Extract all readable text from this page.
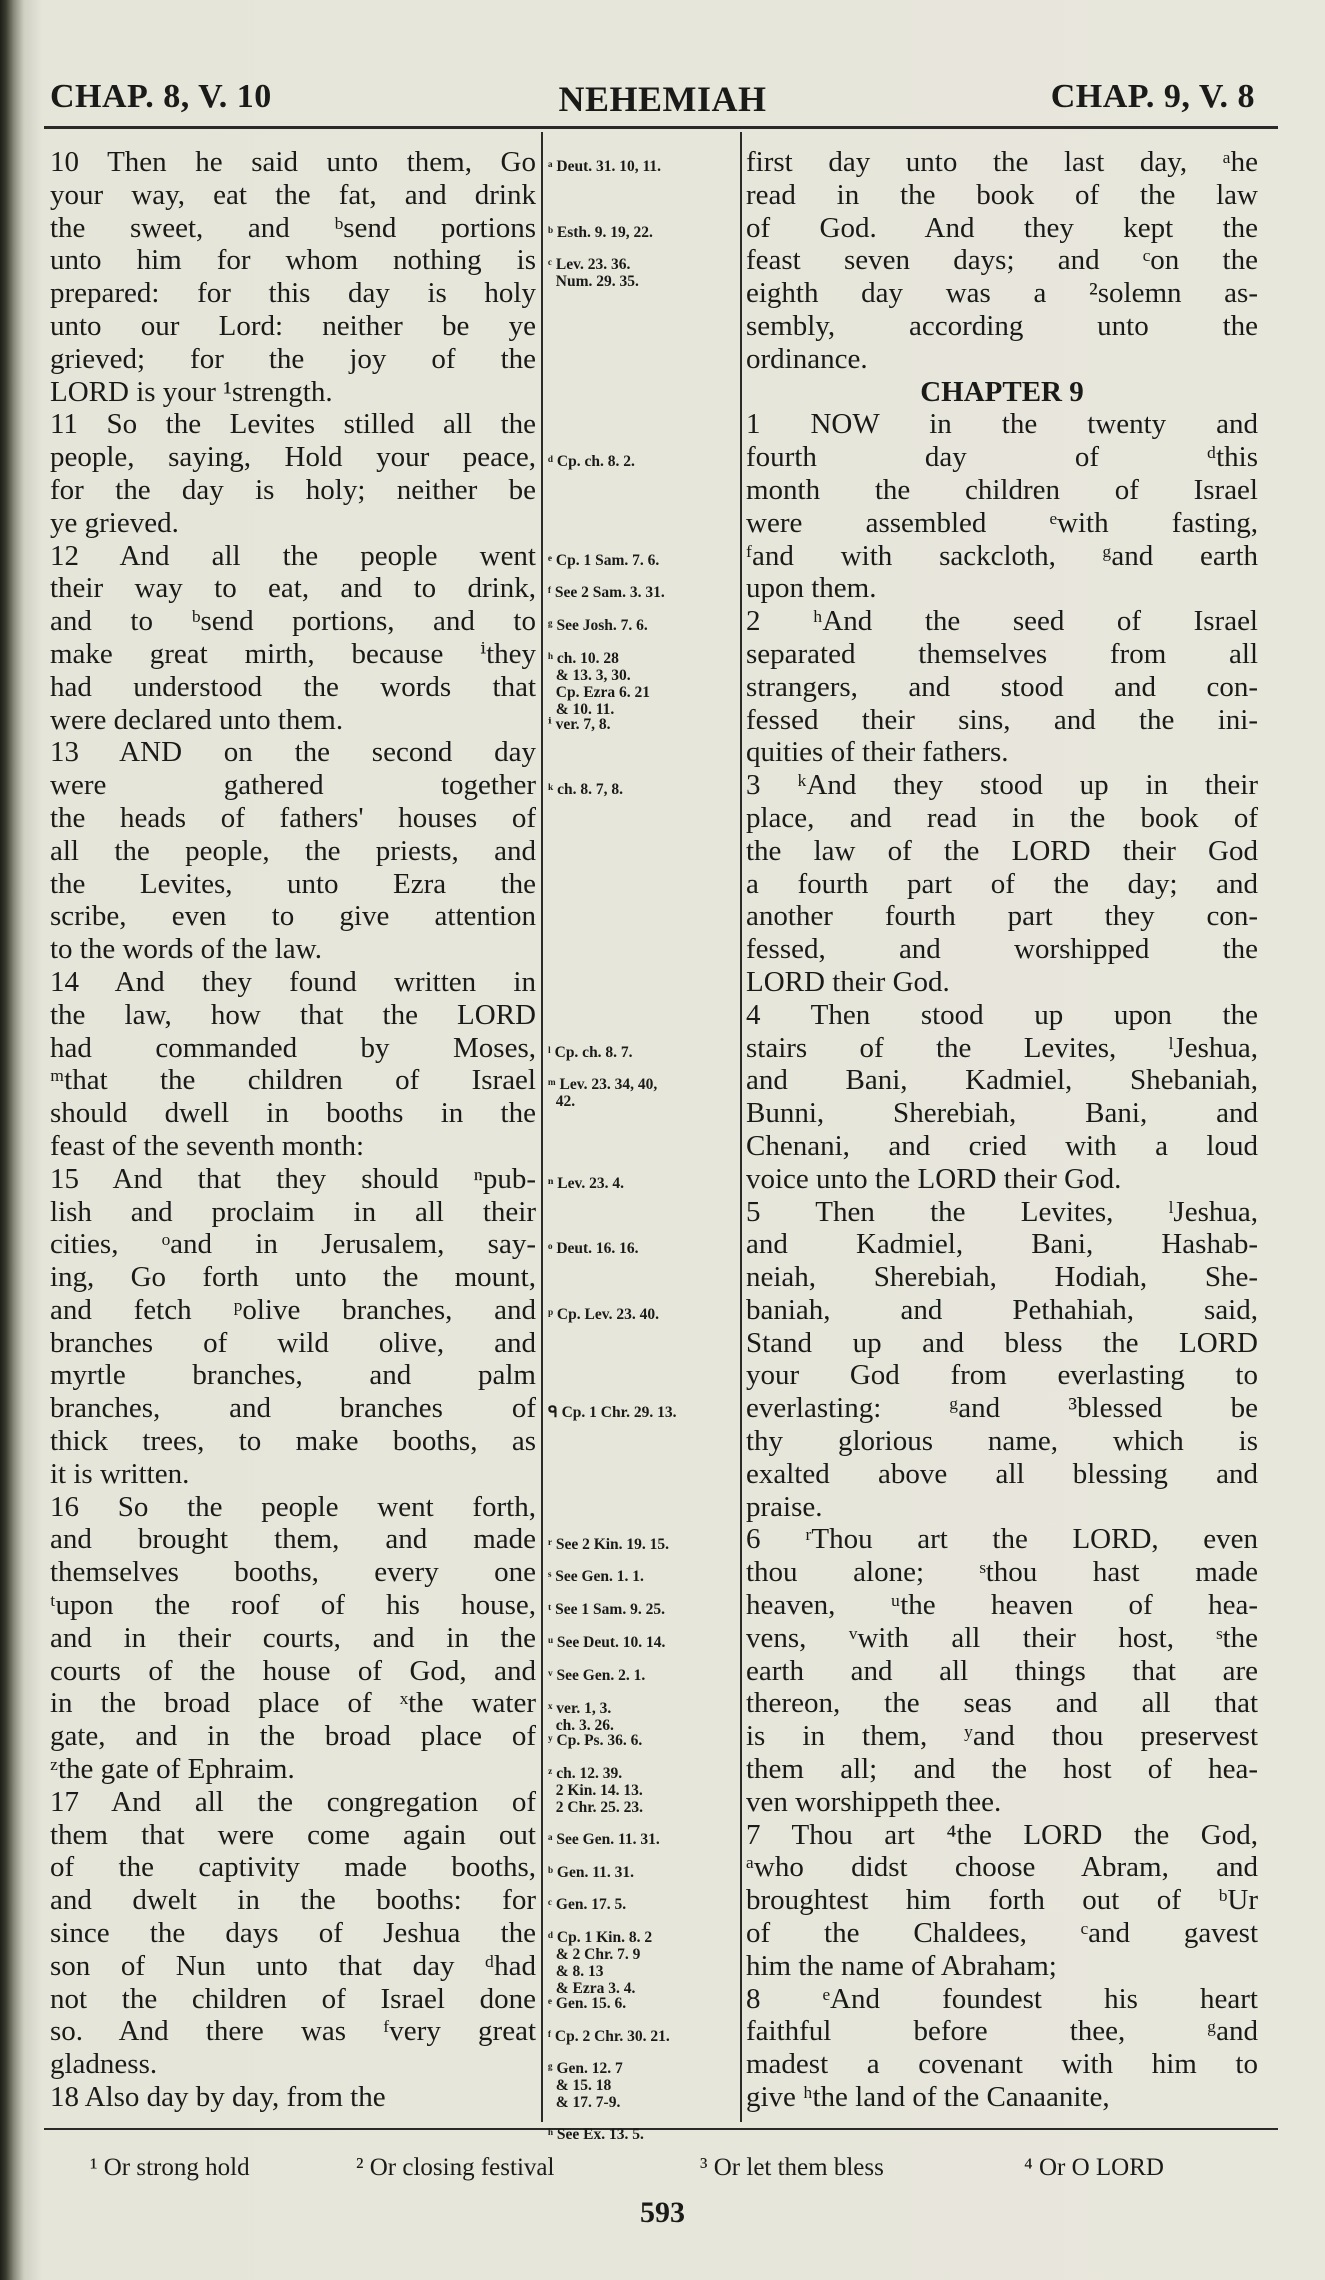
CHAP. 8, V. 10	NEHEMIAH	CHAP. 9, V. 8
10 Then he said unto them, Go
your way, eat the fat, and drink
the sweet, and ᵇsend portions
unto him for whom nothing is
prepared: for this day is holy
unto our Lord: neither be ye
grieved; for the joy of the
LORD is your ¹strength.
11 So the Levites stilled all the
people, saying, Hold your peace,
for the day is holy; neither be
ye grieved.
12 And all the people went
their way to eat, and to drink,
and to ᵇsend portions, and to
make great mirth, because ⁱthey
had understood the words that
were declared unto them.
13 AND on the second day
were gathered together
the heads of fathers' houses of
all the people, the priests, and
the Levites, unto Ezra the
scribe, even to give attention
to the words of the law.
14 And they found written in
the law, how that the LORD
had commanded by Moses,
ᵐthat the children of Israel
should dwell in booths in the
feast of the seventh month:
15 And that they should ⁿpub-
lish and proclaim in all their
cities, ᵒand in Jerusalem, say-
ing, Go forth unto the mount,
and fetch ᵖolive branches, and
branches of wild olive, and
myrtle branches, and palm
branches, and branches of
thick trees, to make booths, as
it is written.
16 So the people went forth,
and brought them, and made
themselves booths, every one
ᵗupon the roof of his house,
and in their courts, and in the
courts of the house of God, and
in the broad place of ˣthe water
gate, and in the broad place of
ᶻthe gate of Ephraim.
17 And all the congregation of
them that were come again out
of the captivity made booths,
and dwelt in the booths: for
since the days of Jeshua the
son of Nun unto that day ᵈhad
not the children of Israel done
so. And there was ᶠvery great
gladness.
18 Also day by day, from the
ᵃ Deut. 31. 10, 11.
ᵇ Esth. 9. 19, 22.
ᶜ Lev. 23. 36.
Num. 29. 35.
ᵈ Cp. ch. 8. 2.
ᵉ Cp. 1 Sam. 7. 6.
ᶠ See 2 Sam. 3. 31.
ᵍ See Josh. 7. 6.
ʰ ch. 10. 28
& 13. 3, 30.
Cp. Ezra 6. 21
& 10. 11.
ⁱ ver. 7, 8.
ᵏ ch. 8. 7, 8.
ˡ Cp. ch. 8. 7.
ᵐ Lev. 23. 34, 40,
42.
ⁿ Lev. 23. 4.
ᵒ Deut. 16. 16.
ᵖ Cp. Lev. 23. 40.
ᑫ Cp. 1 Chr. 29. 13.
ʳ See 2 Kin. 19. 15.
ˢ See Gen. 1. 1.
ᵗ See 1 Sam. 9. 25.
ᵘ See Deut. 10. 14.
ᵛ See Gen. 2. 1.
ˣ ver. 1, 3.
ch. 3. 26.
ʸ Cp. Ps. 36. 6.
ᶻ ch. 12. 39.
2 Kin. 14. 13.
2 Chr. 25. 23.
ᵃ See Gen. 11. 31.
ᵇ Gen. 11. 31.
ᶜ Gen. 17. 5.
ᵈ Cp. 1 Kin. 8. 2
& 2 Chr. 7. 9
& 8. 13
& Ezra 3. 4.
ᵉ Gen. 15. 6.
ᶠ Cp. 2 Chr. 30. 21.
ᵍ Gen. 12. 7
& 15. 18
& 17. 7-9.
ʰ See Ex. 13. 5.
first day unto the last day, ᵃhe
read in the book of the law
of God. And they kept the
feast seven days; and ᶜon the
eighth day was a ²solemn as-
sembly, according unto the
ordinance.
CHAPTER 9
1 NOW in the twenty and
fourth day of ᵈthis
month the children of Israel
were assembled ᵉwith fasting,
ᶠand with sackcloth, ᵍand earth
upon them.
2 ʰAnd the seed of Israel
separated themselves from all
strangers, and stood and con-
fessed their sins, and the ini-
quities of their fathers.
3 ᵏAnd they stood up in their
place, and read in the book of
the law of the LORD their God
a fourth part of the day; and
another fourth part they con-
fessed, and worshipped the
LORD their God.
4 Then stood up upon the
stairs of the Levites, ˡJeshua,
and Bani, Kadmiel, Shebaniah,
Bunni, Sherebiah, Bani, and
Chenani, and cried with a loud
voice unto the LORD their God.
5 Then the Levites, ˡJeshua,
and Kadmiel, Bani, Hashab-
neiah, Sherebiah, Hodiah, She-
baniah, and Pethahiah, said,
Stand up and bless the LORD
your God from everlasting to
everlasting: ᵍand ³blessed be
thy glorious name, which is
exalted above all blessing and
praise.
6 ʳThou art the LORD, even
thou alone; ˢthou hast made
heaven, ᵘthe heaven of hea-
vens, ᵛwith all their host, ˢthe
earth and all things that are
thereon, the seas and all that
is in them, ʸand thou preservest
them all; and the host of hea-
ven worshippeth thee.
7 Thou art ⁴the LORD the God,
ᵃwho didst choose Abram, and
broughtest him forth out of ᵇUr
of the Chaldees, ᶜand gavest
him the name of Abraham;
8 ᵉAnd foundest his heart
faithful before thee, ᵍand
madest a covenant with him to
give ʰthe land of the Canaanite,
¹ Or strong hold	² Or closing festival	³ Or let them bless	⁴ Or O LORD
593
